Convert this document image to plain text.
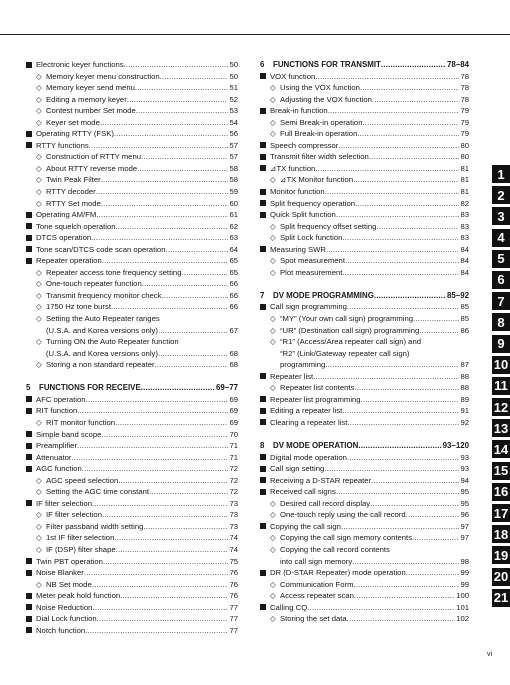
Electronic keyer functions .....	50
◇ Memory keyer menu construction .....	50
◇ Memory keyer send menu .....	51
◇ Editing a memory keyer .....	52
◇ Contest number Set mode .....	53
◇ Keyer set mode .....	54
Operating RTTY (FSK) .....	56
RTTY functions .....	57
◇ Construction of RTTY menu .....	57
◇ About RTTY reverse mode .....	58
◇ Twin Peak Filter .....	58
◇ RTTY decoder .....	59
◇ RTTY Set mode .....	60
Operating AM/FM .....	61
Tone squelch operation .....	62
DTCS operation .....	63
Tone scan/DTCS code scan operation .....	64
Repeater operation .....	65
◇ Repeater access tone frequency setting .....	65
◇ One-touch repeater function .....	66
◇ Transmit frequency monitor check .....	66
◇ 1750 Hz tone burst .....	66
◇ Setting the Auto Repeater ranges
(U.S.A. and Korea versions only) .....	67
◇ Turning ON the Auto Repeater function
(U.S.A. and Korea versions only) .....	68
◇ Storing a non standard repeater .....	68
5	FUNCTIONS FOR RECEIVE .....	69–77
AFC operation .....	69
RIT function .....	69
◇ RIT monitor function .....	69
Simple band scope .....	70
Preamplifier .....	71
Attenuator .....	71
AGC function .....	72
◇ AGC speed selection .....	72
◇ Setting the AGC time constant .....	72
IF filter selection .....	73
◇ IF filter selection .....	73
◇ Filter passband width setting .....	73
◇ 1st IF filter selection .....	74
◇ IF (DSP) filter shape .....	74
Twin PBT operation .....	75
Noise Blanker .....	76
◇ NB Set mode .....	76
Meter peak hold function .....	76
Noise Reduction .....	77
Dial Lock function .....	77
Notch function .....	77
6	FUNCTIONS FOR TRANSMIT .....	78–84
VOX function .....	78
◇ Using the VOX function .....	78
◇ Adjusting the VOX function .....	78
Break-in function .....	79
◇ Semi Break-in operation .....	79
◇ Full Break-in operation .....	79
Speech compressor .....	80
Transmit filter width selection .....	80
⊿TX function .....	81
◇ ⊿TX Monitor function .....	81
Monitor function .....	81
Split frequency operation .....	82
Quick Split function .....	83
◇ Split frequency offset setting .....	83
◇ Split Lock function .....	83
Measuring SWR .....	84
◇ Spot measurement .....	84
◇ Plot measurement .....	84
7	DV MODE PROGRAMMING .....	85–92
Call sign programming .....	85
◇ “MY” (Your own call sign) programming .....	85
◇ “UR” (Destination call sign) programming .....	86
◇ “R1” (Access/Area repeater call sign) and
“R2” (Link/Gateway repeater call sign)
programming .....	87
Repeater list .....	88
◇ Repeater list contents .....	88
Repeater list programming .....	89
Editing a repeater list .....	91
Clearing a repeater list .....	92
8	DV MODE OPERATION .....	93–120
Digital mode operation .....	93
Call sign setting .....	93
Receiving a D-STAR repeater .....	94
Received call signs .....	95
◇ Desired call record display .....	95
◇ One-touch reply using the call record .....	96
Copying the call sign .....	97
◇ Copying the call sign memory contents .....	97
◇ Copying the call record contents
into call sign memory .....	98
DR (D-STAR Repeater) mode operation .....	99
◇ Communication Form .....	99
◇ Access repeater scan .....	100
Calling CQ .....	101
◇ Storing the set data .....	102
1
2
3
4
5
6
7
8
9
10
11
12
13
14
15
16
17
18
19
20
21
vi
